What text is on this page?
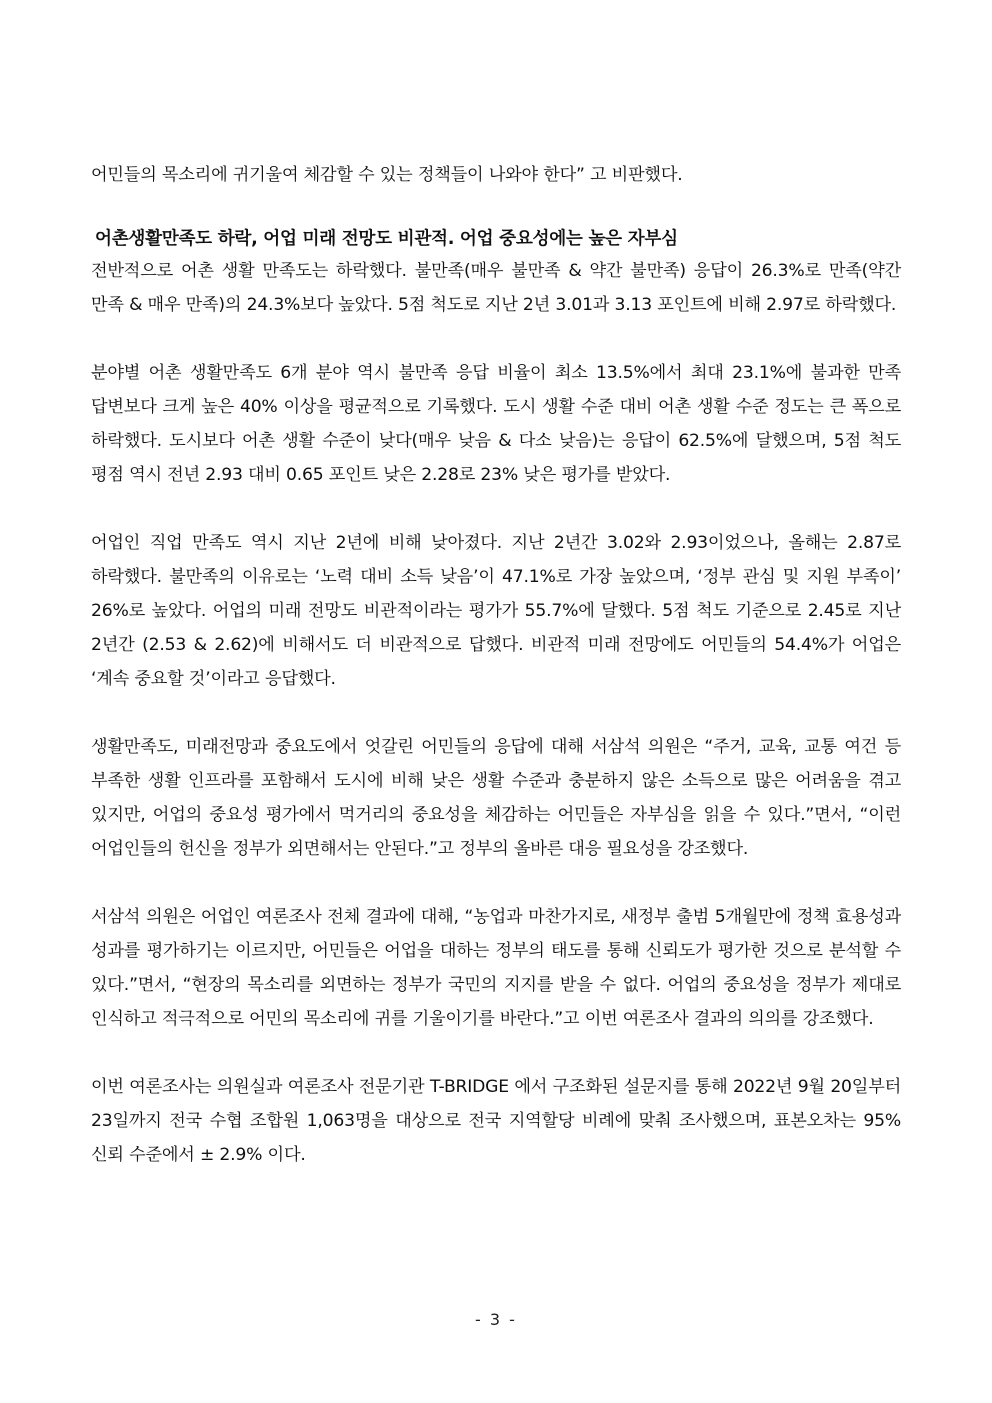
어민들의 목소리에 귀기울여 체감할 수 있는 정책들이 나와야 한다” 고 비판했다.

어촌생활만족도 하락, 어업 미래 전망도 비관적. 어업 중요성에는 높은 자부심

전반적으로 어촌 생활 만족도는 하락했다. 불만족(매우 불만족 & 약간 불만족) 응답이 26.3%로 만족(약간 만족 & 매우 만족)의 24.3%보다 높았다. 5점 척도로 지난 2년 3.01과 3.13 포인트에 비해 2.97로 하락했다.

분야별 어촌 생활만족도 6개 분야 역시 불만족 응답 비율이 최소 13.5%에서 최대 23.1%에 불과한 만족 답변보다 크게 높은 40% 이상을 평균적으로 기록했다. 도시 생활 수준 대비 어촌 생활 수준 정도는 큰 폭으로 하락했다. 도시보다 어촌 생활 수준이 낮다(매우 낮음 & 다소 낮음)는 응답이 62.5%에 달했으며, 5점 척도 평점 역시 전년 2.93 대비 0.65 포인트 낮은 2.28로 23% 낮은 평가를 받았다.

어업인 직업 만족도 역시 지난 2년에 비해 낮아졌다. 지난 2년간 3.02와 2.93이었으나, 올해는 2.87로 하락했다. 불만족의 이유로는 ‘노력 대비 소득 낮음’이 47.1%로 가장 높았으며, ‘정부 관심 및 지원 부족이’ 26%로 높았다. 어업의 미래 전망도 비관적이라는 평가가 55.7%에 달했다. 5점 척도 기준으로 2.45로 지난 2년간 (2.53 & 2.62)에 비해서도 더 비관적으로 답했다. 비관적 미래 전망에도 어민들의 54.4%가 어업은 ‘계속 중요할 것’이라고 응답했다.

생활만족도, 미래전망과 중요도에서 엇갈린 어민들의 응답에 대해 서삼석 의원은 “주거, 교육, 교통 여건 등 부족한 생활 인프라를 포함해서 도시에 비해 낮은 생활 수준과 충분하지 않은 소득으로 많은 어려움을 겪고 있지만, 어업의 중요성 평가에서 먹거리의 중요성을 체감하는 어민들은 자부심을 읽을 수 있다.”면서, “이런 어업인들의 헌신을 정부가 외면해서는 안된다.”고 정부의 올바른 대응 필요성을 강조했다.

서삼석 의원은 어업인 여론조사 전체 결과에 대해, “농업과 마찬가지로, 새정부 출범 5개월만에 정책 효용성과 성과를 평가하기는 이르지만, 어민들은 어업을 대하는 정부의 태도를 통해 신뢰도가 평가한 것으로 분석할 수 있다.”면서, “현장의 목소리를 외면하는 정부가 국민의 지지를 받을 수 없다. 어업의 중요성을 정부가 제대로 인식하고 적극적으로 어민의 목소리에 귀를 기울이기를 바란다.”고 이번 여론조사 결과의 의의를 강조했다.

이번 여론조사는 의원실과 여론조사 전문기관 T-BRIDGE 에서 구조화된 설문지를 통해 2022년 9월 20일부터 23일까지 전국 수협 조합원 1,063명을 대상으로 전국 지역할당 비례에 맞춰 조사했으며, 표본오차는 95% 신뢰 수준에서 ± 2.9% 이다.

- 3 -
